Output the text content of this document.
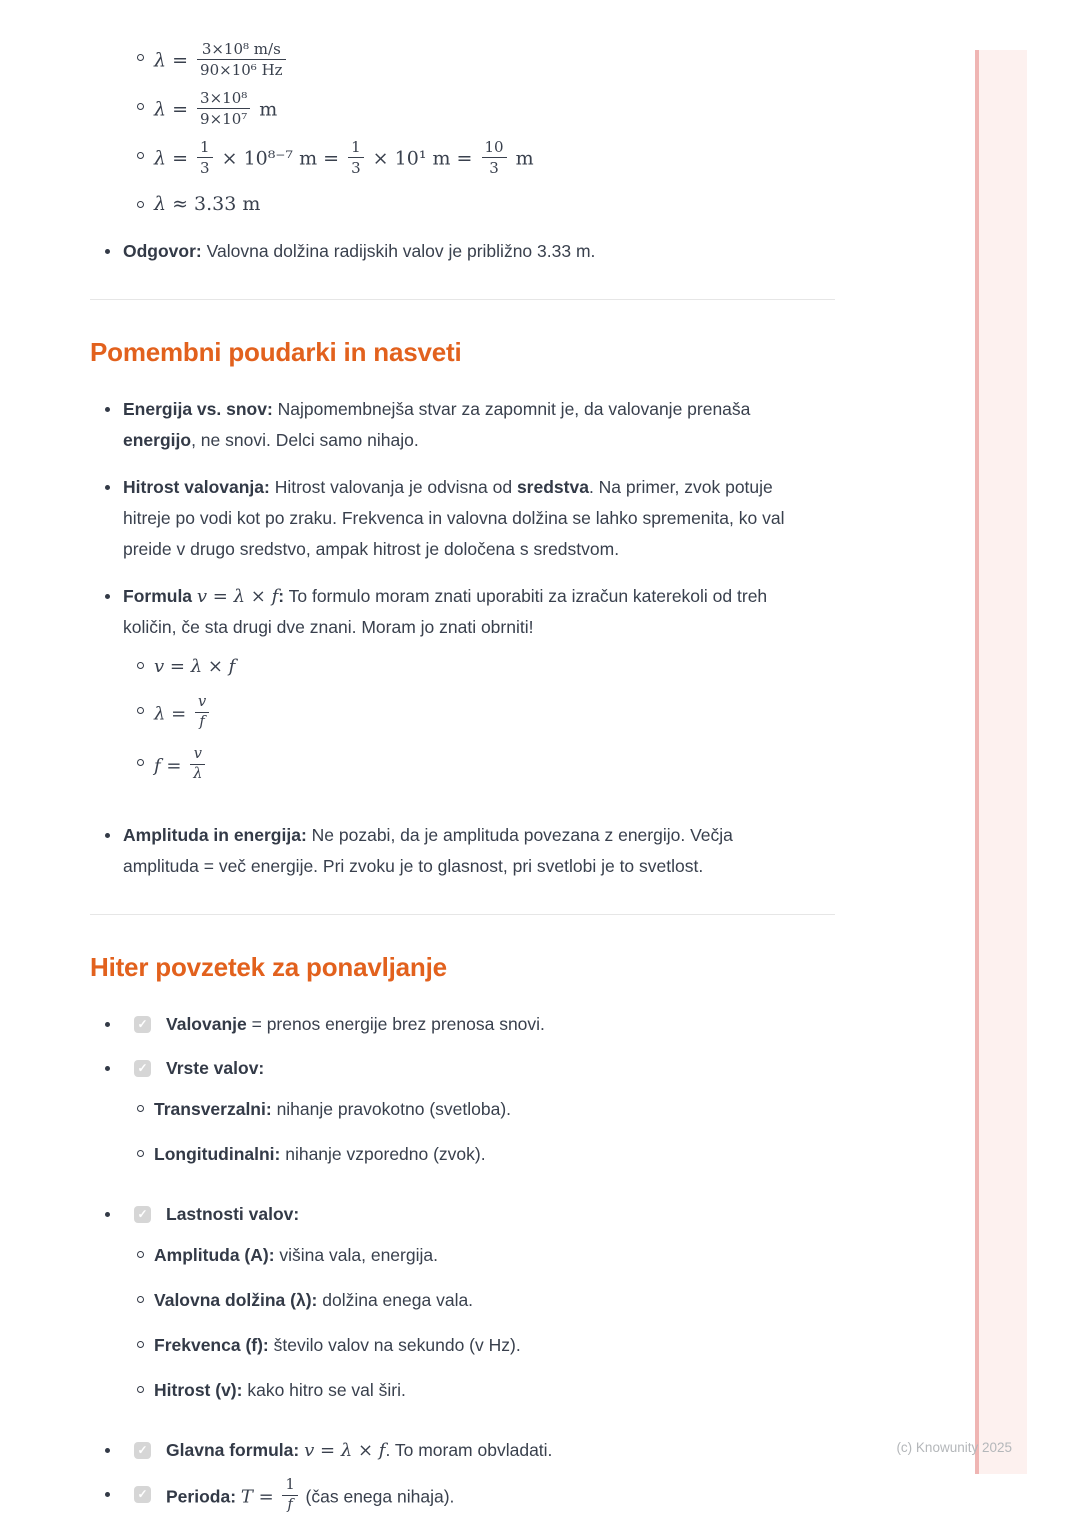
(c) Knowunity 2025
$\lambda = \frac{\text{3×10⁸ m/s}}{\text{90×10⁶ Hz}}$
$\lambda = \frac{\text{3×10⁸}}{\text{9×10⁷}}$ m
$\lambda = \frac{1}{3} \times 10^{8-7}$ $m = \frac{1}{3} \times 10^1$ $m = \frac{10}{3}$ m
λ ≈ 3.33 m
Odgovor: Valovna dolžina radijskih valov je približno 3.33 m.
Pomembni poudarki in nasveti
Energija vs. snov: Najpomembnejša stvar za zapomnit je, da valovanje prenaša energijo, ne snovi. Delci samo nihajo.
Hitrost valovanja: Hitrost valovanja je odvisna od sredstva. Na primer, zvok potuje hitreje po vodi kot po zraku. Frekvenca in valovna dolžina se lahko spremenita, ko val preide v drugo sredstvo, ampak hitrost je določena s sredstvom.
Formula v = λ × f: To formulo moram znati uporabiti za izračun katerekoli od treh količin, če sta drugi dve znani. Moram jo znati obrniti!
v = λ × f
$\lambda = \frac{v}{f}$
$f = \frac{v}{\lambda}$
Amplituda in energija: Ne pozabi, da je amplituda povezana z energijo. Večja amplituda = več energije. Pri zvoku je to glasnost, pri svetlobi je to svetlost.
Hiter povzetek za ponavljanje
✓
Valovanje = prenos energije brez prenosa snovi.
✓
Vrste valov:
Transverzalni: nihanje pravokotno (svetloba).
Longitudinalni: nihanje vzporedno (zvok).
✓
Lastnosti valov:
Amplituda (A): višina vala, energija.
Valovna dolžina (λ): dolžina enega vala.
Frekvenca (f): število valov na sekundo (v Hz).
Hitrost (v): kako hitro se val širi.
✓
Glavna formula: v = λ × f. To moram obvladati.
✓
Perioda: $T = \frac{1}{f}$ (čas enega nihaja).
